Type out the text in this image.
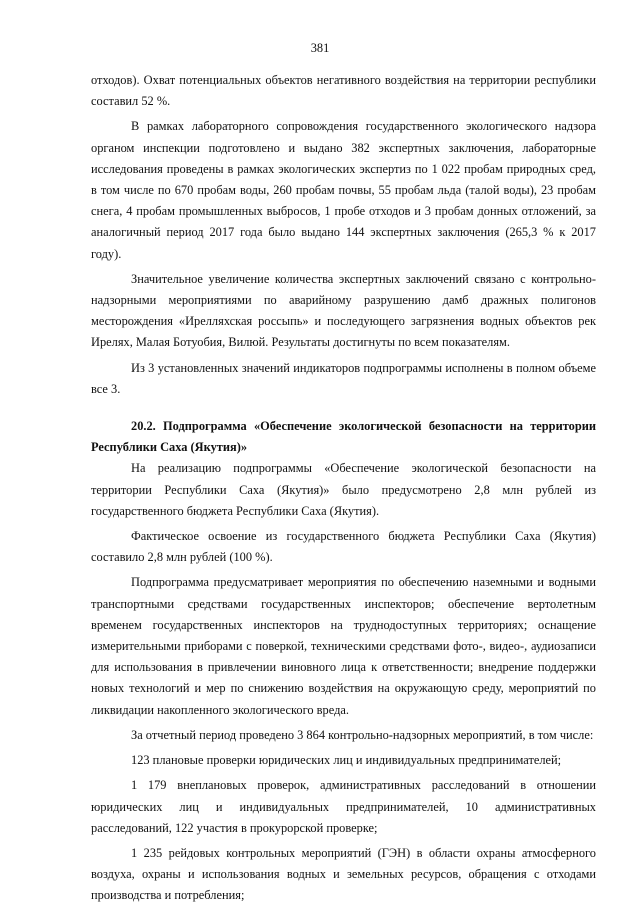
381

отходов). Охват потенциальных объектов негативного воздействия на территории республики составил 52 %.

В рамках лабораторного сопровождения государственного экологического надзора органом инспекции подготовлено и выдано 382 экспертных заключения, лабораторные исследования проведены в рамках экологических экспертиз по 1 022 пробам природных сред, в том числе по 670 пробам воды, 260 пробам почвы, 55 пробам льда (талой воды), 23 пробам снега, 4 пробам промышленных выбросов, 1 пробе отходов и 3 пробам донных отложений, за аналогичный период 2017 года было выдано 144 экспертных заключения (265,3 % к 2017 году).

Значительное увеличение количества экспертных заключений связано с контрольно-надзорными мероприятиями по аварийному разрушению дамб дражных полигонов месторождения «Ирелляхская россыпь» и последующего загрязнения водных объектов рек Ирелях, Малая Ботуобия, Вилюй. Результаты достигнуты по всем показателям.

Из 3 установленных значений индикаторов подпрограммы исполнены в полном объеме все 3.

20.2. Подпрограмма «Обеспечение экологической безопасности на территории Республики Саха (Якутия)»

На реализацию подпрограммы «Обеспечение экологической безопасности на территории Республики Саха (Якутия)» было предусмотрено 2,8 млн рублей из государственного бюджета Республики Саха (Якутия).

Фактическое освоение из государственного бюджета Республики Саха (Якутия) составило 2,8 млн рублей (100 %).

Подпрограмма предусматривает мероприятия по обеспечению наземными и водными транспортными средствами государственных инспекторов; обеспечение вертолетным временем государственных инспекторов на труднодоступных территориях; оснащение измерительными приборами с поверкой, техническими средствами фото-, видео-, аудиозаписи для использования в привлечении виновного лица к ответственности; внедрение поддержки новых технологий и мер по снижению воздействия на окружающую среду, мероприятий по ликвидации накопленного экологического вреда.

За отчетный период проведено 3 864 контрольно-надзорных мероприятий, в том числе:

123 плановые проверки юридических лиц и индивидуальных предпринимателей;

1 179 внеплановых проверок, административных расследований в отношении юридических лиц и индивидуальных предпринимателей, 10 административных расследований, 122 участия в прокурорской проверке;

1 235 рейдовых контрольных мероприятий (ГЭН) в области охраны атмосферного воздуха, охраны и использования водных и земельных ресурсов, обращения с отходами производства и потребления;
